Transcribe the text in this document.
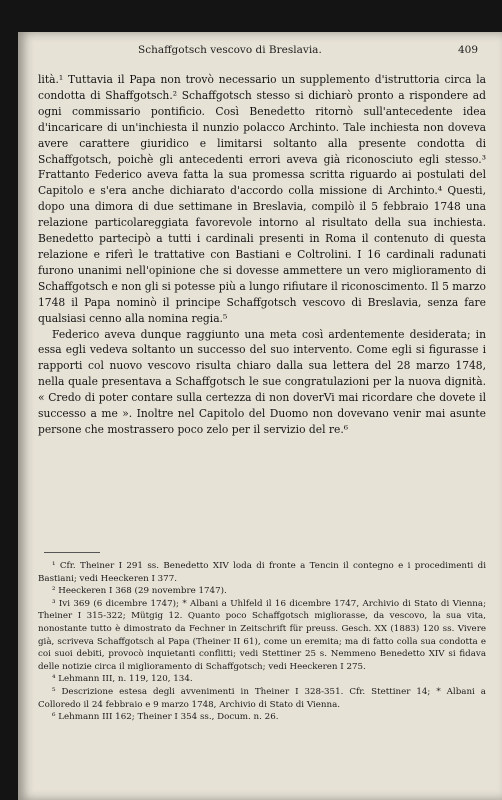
Schaffgotsch vescovo di Breslavia.	409

lità.¹ Tuttavia il Papa non trovò necessario un supplemento d'istruttoria circa la condotta di Shaffgotsch.² Schaffgotsch stesso si dichiarò pronto a rispondere ad ogni commissario pontificio. Così Benedetto ritornò sull'antecedente idea d'incaricare di un'inchiesta il nunzio polacco Archinto. Tale inchiesta non doveva avere carattere giuridico e limitarsi soltanto alla presente condotta di Schaffgotsch, poichè gli antecedenti errori aveva già riconosciuto egli stesso.³ Frattanto Federico aveva fatta la sua promessa scritta riguardo ai postulati del Capitolo e s'era anche dichiarato d'accordo colla missione di Archinto.⁴ Questi, dopo una dimora di due settimane in Breslavia, compilò il 5 febbraio 1748 una relazione particolareggiata favorevole intorno al risultato della sua inchiesta. Benedetto partecipò a tutti i cardinali presenti in Roma il contenuto di questa relazione e riferì le trattative con Bastiani e Coltrolini. I 16 cardinali radunati furono unanimi nell'opinione che si dovesse ammettere un vero miglioramento di Schaffgotsch e non gli si potesse più a lungo rifiutare il riconoscimento. Il 5 marzo 1748 il Papa nominò il principe Schaffgotsch vescovo di Breslavia, senza fare qualsiasi cenno alla nomina regia.⁵

Federico aveva dunque raggiunto una meta così ardentemente desiderata; in essa egli vedeva soltanto un successo del suo intervento. Come egli si figurasse i rapporti col nuovo vescovo risulta chiaro dalla sua lettera del 28 marzo 1748, nella quale presentava a Schaffgotsch le sue congratulazioni per la nuova dignità. « Credo di poter contare sulla certezza di non doverVi mai ricordare che dovete il successo a me ». Inoltre nel Capitolo del Duomo non dovevano venir mai asunte persone che mostrassero poco zelo per il servizio del re.⁶

¹ Cfr. Theiner I 291 ss. Benedetto XIV loda di fronte a Tencin il contegno e i procedimenti di Bastiani; vedi Heeckeren I 377.

² Heeckeren I 368 (29 novembre 1747).

³ Ivi 369 (6 dicembre 1747); * Albani a Uhlfeld il 16 dicembre 1747, Archivio di Stato di Vienna; Theiner I 315-322; Mütgig 12. Quanto poco Schaffgotsch migliorasse, da vescovo, la sua vita, nonostante tutto è dimostrato da Fechner in Zeitschrift für preuss. Gesch. XX (1883) 120 ss. Vivere già, scriveva Schaffgotsch al Papa (Theiner II 61), come un eremita; ma di fatto colla sua condotta e coi suoi debiti, provocò inquietanti conflitti; vedi Stettiner 25 s. Nemmeno Benedetto XIV si fidava delle notizie circa il miglioramento di Schaffgotsch; vedi Heeckeren I 275.

⁴ Lehmann III, n. 119, 120, 134.

⁵ Descrizione estesa degli avvenimenti in Theiner I 328-351. Cfr. Stettiner 14; * Albani a Colloredo il 24 febbraio e 9 marzo 1748, Archivio di Stato di Vienna.

⁶ Lehmann III 162; Theiner I 354 ss., Docum. n. 26.
